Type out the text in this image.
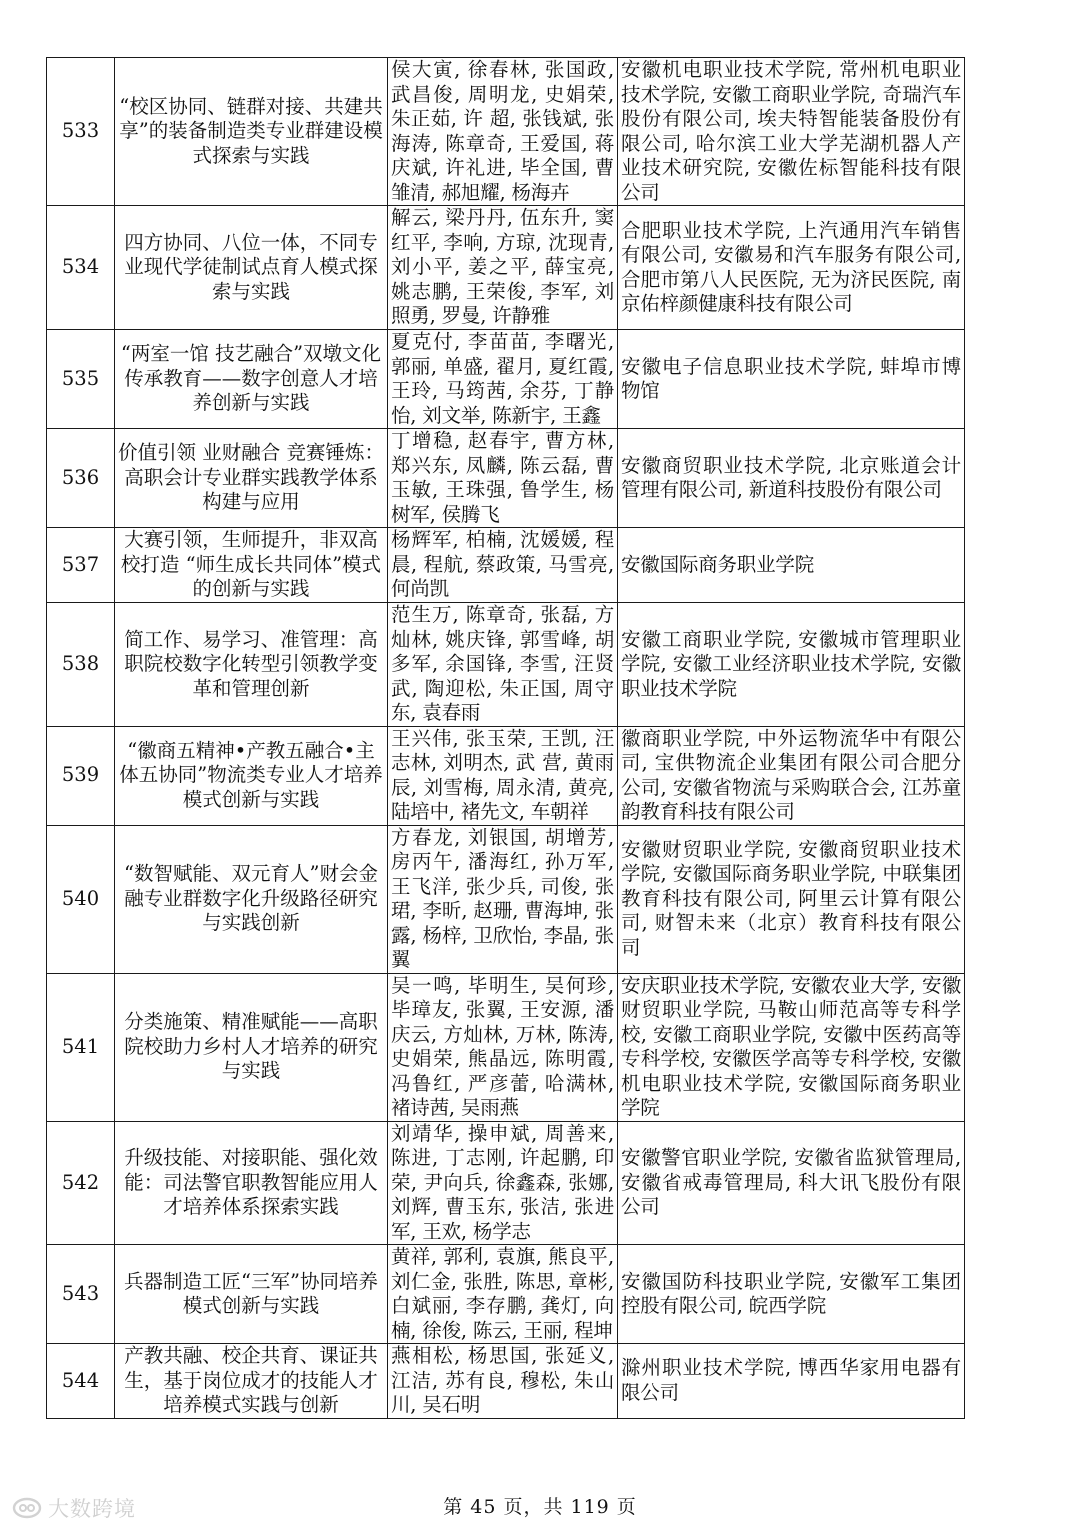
533	“校区协同、链群对接、共建共享”的装备制造类专业群建设模式探索与实践	侯大寅, 徐春林, 张国政, 武昌俊, 周明龙, 史娟荣, 朱正茹, 许 超, 张钱斌, 张海涛, 陈章奇, 王爱国, 蒋庆斌, 许礼进, 毕全国, 曹雏清, 郝旭耀, 杨海卉	安徽机电职业技术学院, 常州机电职业技术学院, 安徽工商职业学院, 奇瑞汽车股份有限公司, 埃夫特智能装备股份有限公司, 哈尔滨工业大学芜湖机器人产业技术研究院, 安徽佐标智能科技有限公司
534	四方协同、八位一体，不同专业现代学徒制试点育人模式探索与实践	解云, 梁丹丹, 伍东升, 窦红平, 李响, 方琼, 沈现青, 刘小平, 姜之平, 薛宝亮, 姚志鹏, 王荣俊, 李军, 刘照勇, 罗曼, 许静雅	合肥职业技术学院, 上汽通用汽车销售有限公司, 安徽易和汽车服务有限公司, 合肥市第八人民医院, 无为济民医院, 南京佑梓颜健康科技有限公司
535	“两室一馆 技艺融合”双墩文化传承教育——数字创意人才培养创新与实践	夏克付, 李苗苗, 李曙光, 郭丽, 单盛, 翟月, 夏红霞, 王玲, 马筠茜, 余芬, 丁静怡, 刘文举, 陈新宇, 王鑫	安徽电子信息职业技术学院, 蚌埠市博物馆
536	价值引领 业财融合 竞赛锤炼：高职会计专业群实践教学体系构建与应用	丁增稳, 赵春宇, 曹方林, 郑兴东, 凤麟, 陈云磊, 曹玉敏, 王珠强, 鲁学生, 杨树军, 侯腾飞	安徽商贸职业技术学院, 北京账道会计管理有限公司, 新道科技股份有限公司
537	大赛引领，生师提升，非双高校打造 “师生成长共同体”模式的创新与实践	杨辉军, 柏楠, 沈媛媛, 程晨, 程航, 蔡政策, 马雪亮, 何尚凯	安徽国际商务职业学院
538	简工作、易学习、准管理：高职院校数字化转型引领教学变革和管理创新	范生万, 陈章奇, 张磊, 方灿林, 姚庆锋, 郭雪峰, 胡多军, 余国锋, 李雪, 汪贤武, 陶迎松, 朱正国, 周守东, 袁春雨	安徽工商职业学院, 安徽城市管理职业学院, 安徽工业经济职业技术学院, 安徽职业技术学院
539	“徽商五精神•产教五融合•主体五协同”物流类专业人才培养模式创新与实践	王兴伟, 张玉荣, 王凯, 汪志林, 刘明杰, 武 营, 黄雨辰, 刘雪梅, 周永清, 黄亮, 陆培中, 褚先文, 车朝祥	徽商职业学院, 中外运物流华中有限公司, 宝供物流企业集团有限公司合肥分公司, 安徽省物流与采购联合会, 江苏童韵教育科技有限公司
540	“数智赋能、双元育人”财会金融专业群数字化升级路径研究与实践创新	方春龙, 刘银国, 胡增芳, 房丙午, 潘海红, 孙万军, 王飞洋, 张少兵, 司俊, 张珺, 李昕, 赵珊, 曹海坤, 张露, 杨梓, 卫欣怡, 李晶, 张翼	安徽财贸职业学院, 安徽商贸职业技术学院, 安徽国际商务职业学院, 中联集团教育科技有限公司, 阿里云计算有限公司, 财智未来（北京）教育科技有限公司
541	分类施策、精准赋能——高职院校助力乡村人才培养的研究与实践	吴一鸣, 毕明生, 吴何珍, 毕璋友, 张翼, 王安源, 潘庆云, 方灿林, 万林, 陈涛, 史娟荣, 熊晶远, 陈明霞, 冯鲁红, 严彦蕾, 哈满林, 褚诗茜, 吴雨燕	安庆职业技术学院, 安徽农业大学, 安徽财贸职业学院, 马鞍山师范高等专科学校, 安徽工商职业学院, 安徽中医药高等专科学校, 安徽医学高等专科学校, 安徽机电职业技术学院, 安徽国际商务职业学院
542	升级技能、对接职能、强化效能：司法警官职教智能应用人才培养体系探索实践	刘靖华, 操申斌, 周善来, 陈进, 丁志刚, 许起鹏, 印荣, 尹向兵, 徐鑫森, 张娜, 刘辉, 曹玉东, 张洁, 张进军, 王欢, 杨学志	安徽警官职业学院, 安徽省监狱管理局, 安徽省戒毒管理局, 科大讯飞股份有限公司
543	兵器制造工匠“三军”协同培养模式创新与实践	黄祥, 郭利, 袁旗, 熊良平, 刘仁金, 张胜, 陈思, 章彬, 白斌丽, 李存鹏, 龚灯, 向楠, 徐俊, 陈云, 王丽, 程坤	安徽国防科技职业学院, 安徽军工集团控股有限公司, 皖西学院
544	产教共融、校企共育、课证共生，基于岗位成才的技能人才培养模式实践与创新	燕相松, 杨思国, 张延义, 江洁, 苏有良, 穆松, 朱山川, 吴石明	滁州职业技术学院, 博西华家用电器有限公司
第 45 页，共 119 页
大数跨境
